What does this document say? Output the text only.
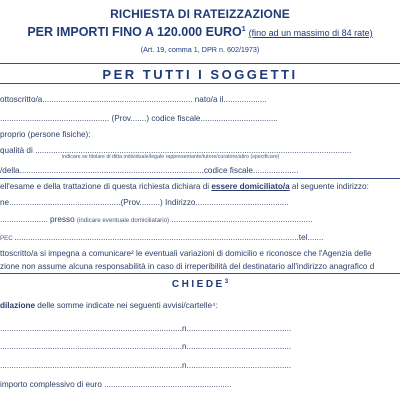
RICHIESTA DI RATEIZZAZIONE
PER IMPORTI FINO A 120.000 EURO$^1$ (fino ad un massimo di 84 rate)
(Art. 19, comma 1, DPR n. 602/1973)
PER TUTTI I SOGGETTI
ottoscritto/a.................................................................. nato/a il...................
................................................ (Prov.......) codice fiscale..................................
proprio (persone fisiche):
qualità di ...........................................................................................................................................
indicare se titolare di ditta individuale/legale rappresentante/tutore/curatore/altro (specificare)
/della.................................................................................codice fiscale....................
ell'esame e della trattazione di questa richiesta dichiara di essere domiciliato/a al seguente indirizzo:
ne.................................................(Prov.........) Indirizzo.........................................
..................... presso (indicare eventuale domiciliatario) ..............................................................
PEC .............................................................................................................................tel.......
ttoscritto/a si impegna a comunicare² le eventuali variazioni di domicilio e riconosce che l'Agenzia delle
zione non assume alcuna responsabilità in caso di irreperibilità del destinatario all'indirizzo anagrafico d
CHIEDE$^3$
dilazione delle somme indicate nei seguenti avvisi/cartelle⁴:
................................................................................n..............................................
................................................................................n..............................................
................................................................................n..............................................
importo complessivo di euro ........................................................
